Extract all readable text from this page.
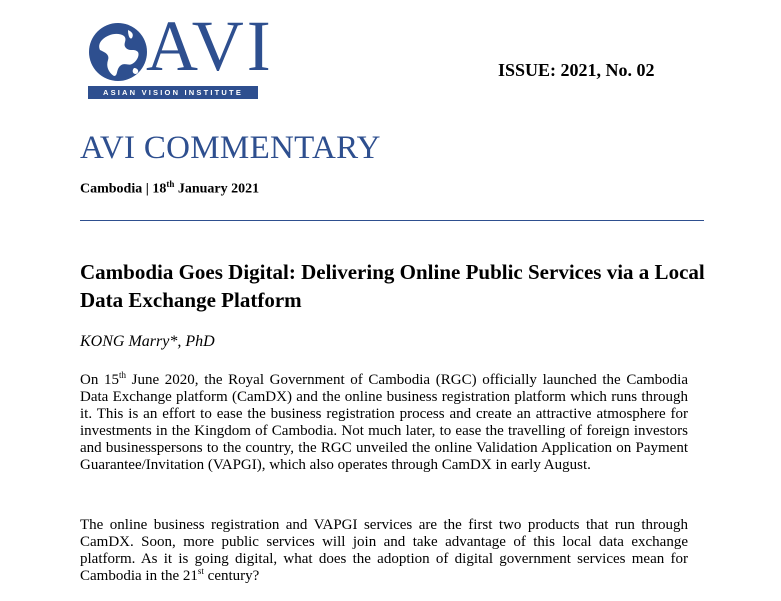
AVI
ASIAN VISION INSTITUTE
ISSUE: 2021, No. 02
AVI COMMENTARY
Cambodia | 18th January 2021
Cambodia Goes Digital: Delivering Online Public Services via a Local Data Exchange Platform
KONG Marry*, PhD
On 15th June 2020, the Royal Government of Cambodia (RGC) officially launched the Cambodia Data Exchange platform (CamDX) and the online business registration platform which runs through it. This is an effort to ease the business registration process and create an attractive atmosphere for investments in the Kingdom of Cambodia. Not much later, to ease the travelling of foreign investors and businesspersons to the country, the RGC unveiled the online Validation Application on Payment Guarantee/Invitation (VAPGI), which also operates through CamDX in early August.
The online business registration and VAPGI services are the first two products that run through CamDX. Soon, more public services will join and take advantage of this local data exchange platform. As it is going digital, what does the adoption of digital government services mean for Cambodia in the 21st century?
